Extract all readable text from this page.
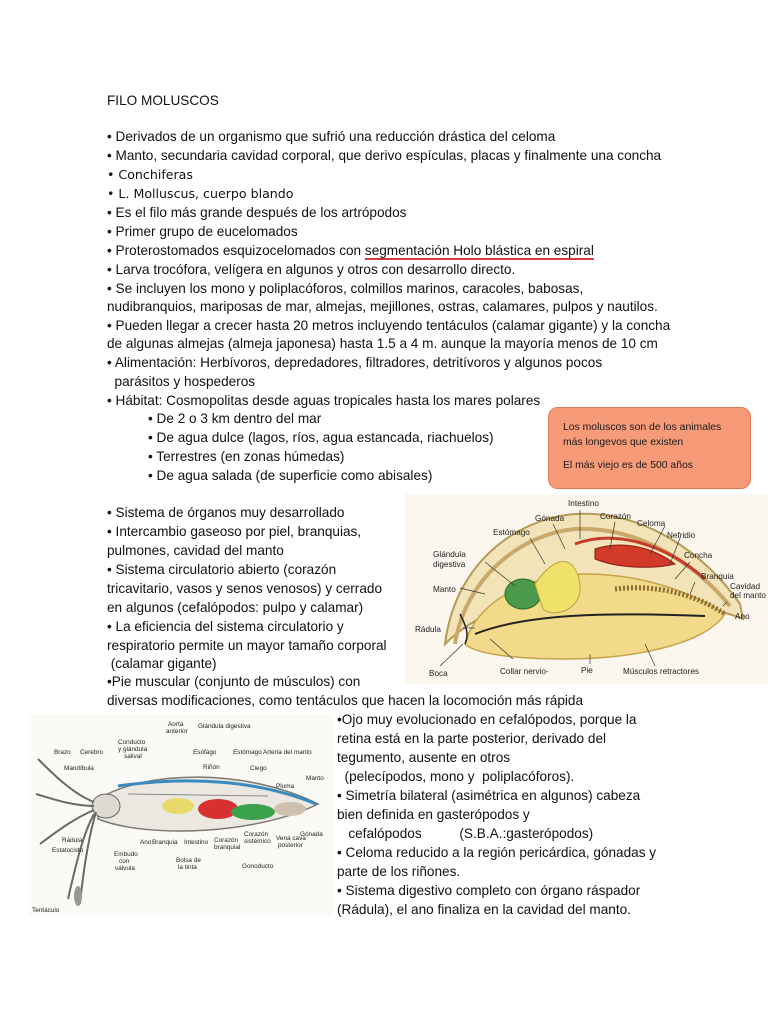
FILO MOLUSCOS
• Derivados de un organismo que sufrió una reducción drástica del celoma
• Manto, secundaria cavidad corporal, que derivo espículas, placas y finalmente una concha
• Conchiferas
• L. Molluscus, cuerpo blando
• Es el filo más grande después de los artrópodos
• Primer grupo de eucelomados
• Proterostomados esquizocelomados con segmentación Holo blástica en espiral
• Larva trocófora, velígera en algunos y otros con desarrollo directo.
• Se incluyen los mono y poliplacóforos, colmillos marinos, caracoles, babosas,
nudibranquios, mariposas de mar, almejas, mejillones, ostras, calamares, pulpos y nautilos.
• Pueden llegar a crecer hasta 20 metros incluyendo tentáculos (calamar gigante) y la concha
de algunas almejas (almeja japonesa) hasta 1.5 a 4 m. aunque la mayoría menos de 10 cm
• Alimentación: Herbívoros, depredadores, filtradores, detritívoros y algunos pocos
parásitos y hospederos
• Hábitat: Cosmopolitas desde aguas tropicales hasta los mares polares
• De 2 o 3 km dentro del mar
• De agua dulce (lagos, ríos, agua estancada, riachuelos)
• Terrestres (en zonas húmedas)
• De agua salada (de superficie como abisales)

Los moluscos son de los animales más longevos que existen

El más viejo es de 500 años

• Sistema de órganos muy desarrollado
• Intercambio gaseoso por piel, branquias,
pulmones, cavidad del manto
• Sistema circulatorio abierto (corazón
tricavitario, vasos y senos venosos) y cerrado
en algunos (cefalópodos: pulpo y calamar)
• La eficiencia del sistema circulatorio y
respiratorio permite un mayor tamaño corporal
(calamar gigante)
•Pie muscular (conjunto de músculos) con
diversas modificaciones, como tentáculos que hacen la locomoción más rápida
•Ojo muy evolucionado en cefalópodos, porque la
retina está en la parte posterior, derivado del
tegumento, ausente en otros
(pelecípodos, mono y  poliplacóforos).
• Simetría bilateral (asimétrica en algunos) cabeza
bien definida en gasterópodos y
cefalópodos          (S.B.A.:gasterópodos)
• Celoma reducido a la región pericárdica, gónadas y
parte de los riñones.
• Sistema digestivo completo con órgano ráspador
(Rádula), el ano finaliza en la cavidad del manto.
Intestino
Gónada	Corazón
Estómago
Celoma
Nefridio
Glándula
digestiva
Concha
Branquia
Cavidad
del manto
Manto
Ano
Rádula
Boca	Collar nervio-	Pie	Músculos retractores
Aorta
anterior
Glándula digestiva
Conducto
y glándula
salival
Brazo Cerebro	Esófago	Estómago Arteria del manto
Mandíbula	Riñón	Ciego
Manto
Pluma
Rádula
Estatocisto
Ano Branquia Intestino Corazón
branquial
Corazón
sistémico Vena cava
posterior
Gónada
Embudo
con
válvula
Bolsa de
la tinta	Gonoducto
Tentáculo
